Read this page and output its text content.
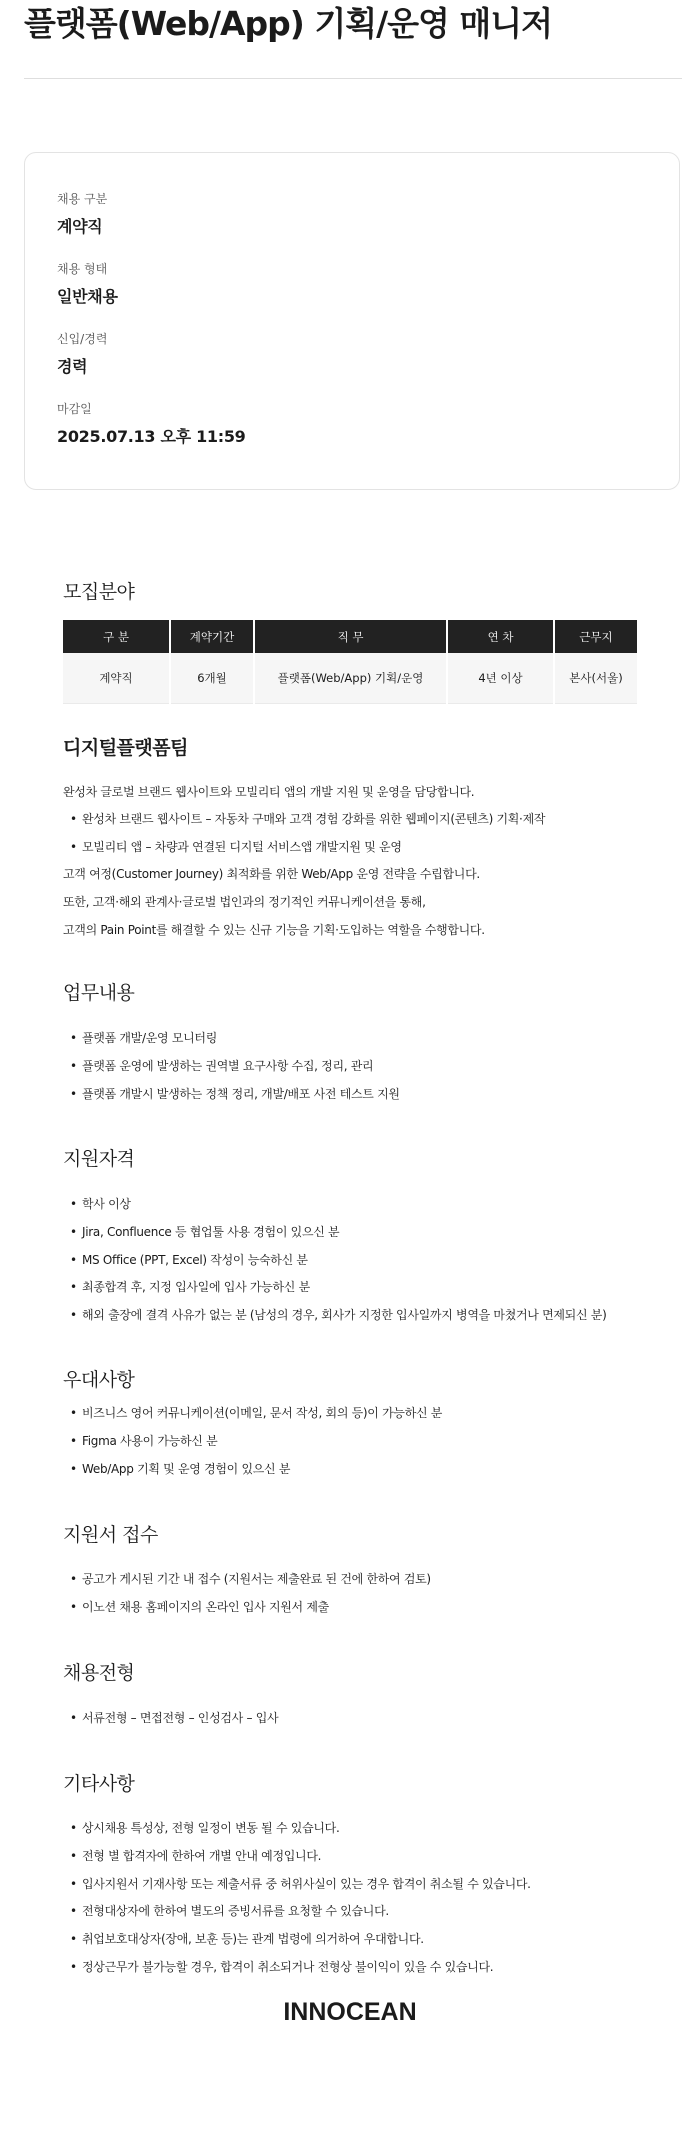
플랫폼(Web/App) 기획/운영 매니저
채용 구분
계약직
채용 형태
일반채용
신입/경력
경력
마감일
2025.07.13 오후 11:59
모집분야
구 분	계약기간	직 무	연 차	근무지
계약직	6개월	플랫폼(Web/App) 기획/운영	4년 이상	본사(서울)
디지털플랫폼팀
완성차 글로벌 브랜드 웹사이트와 모빌리티 앱의 개발 지원 및 운영을 담당합니다.
• 완성차 브랜드 웹사이트 – 자동차 구매와 고객 경험 강화를 위한 웹페이지(콘텐츠) 기획·제작
• 모빌리티 앱 – 차량과 연결된 디지털 서비스앱 개발지원 및 운영
고객 여정(Customer Journey) 최적화를 위한 Web/App 운영 전략을 수립합니다.
또한, 고객·해외 관계사·글로벌 법인과의 정기적인 커뮤니케이션을 통해,
고객의 Pain Point를 해결할 수 있는 신규 기능을 기획·도입하는 역할을 수행합니다.
업무내용
• 플랫폼 개발/운영 모니터링
• 플랫폼 운영에 발생하는 권역별 요구사항 수집, 정리, 관리
• 플랫폼 개발시 발생하는 정책 정리, 개발/배포 사전 테스트 지원
지원자격
• 학사 이상
• Jira, Confluence 등 협업툴 사용 경험이 있으신 분
• MS Office (PPT, Excel) 작성이 능숙하신 분
• 최종합격 후, 지정 입사일에 입사 가능하신 분
• 해외 출장에 결격 사유가 없는 분 (남성의 경우, 회사가 지정한 입사일까지 병역을 마쳤거나 면제되신 분)
우대사항
• 비즈니스 영어 커뮤니케이션(이메일, 문서 작성, 회의 등)이 가능하신 분
• Figma 사용이 가능하신 분
• Web/App 기획 및 운영 경험이 있으신 분
지원서 접수
• 공고가 게시된 기간 내 접수 (지원서는 제출완료 된 건에 한하여 검토)
• 이노션 채용 홈페이지의 온라인 입사 지원서 제출
채용전형
• 서류전형 – 면접전형 – 인성검사 – 입사
기타사항
• 상시채용 특성상, 전형 일정이 변동 될 수 있습니다.
• 전형 별 합격자에 한하여 개별 안내 예정입니다.
• 입사지원서 기재사항 또는 제출서류 중 허위사실이 있는 경우 합격이 취소될 수 있습니다.
• 전형대상자에 한하여 별도의 증빙서류를 요청할 수 있습니다.
• 취업보호대상자(장애, 보훈 등)는 관계 법령에 의거하여 우대합니다.
• 정상근무가 불가능할 경우, 합격이 취소되거나 전형상 불이익이 있을 수 있습니다.
INNOCEAN
